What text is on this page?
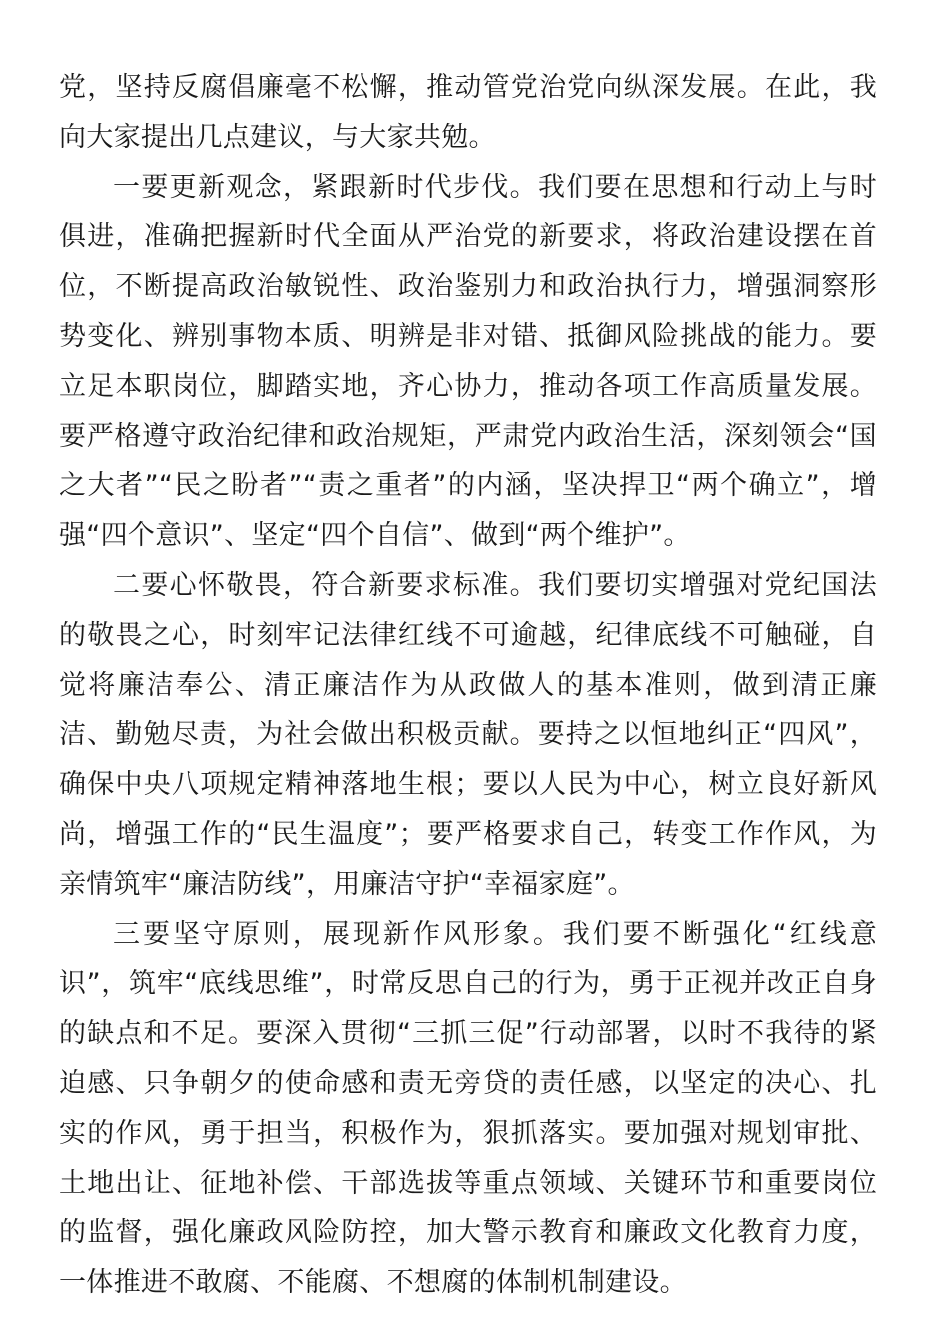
党，坚持反腐倡廉毫不松懈，推动管党治党向纵深发展。在此，我向大家提出几点建议，与大家共勉。

一要更新观念，紧跟新时代步伐。我们要在思想和行动上与时俱进，准确把握新时代全面从严治党的新要求，将政治建设摆在首位，不断提高政治敏锐性、政治鉴别力和政治执行力，增强洞察形势变化、辨别事物本质、明辨是非对错、抵御风险挑战的能力。要立足本职岗位，脚踏实地，齐心协力，推动各项工作高质量发展。要严格遵守政治纪律和政治规矩，严肃党内政治生活，深刻领会“国之大者”“民之盼者”“责之重者”的内涵，坚决捍卫“两个确立”，增强“四个意识”、坚定“四个自信”、做到“两个维护”。

二要心怀敬畏，符合新要求标准。我们要切实增强对党纪国法的敬畏之心，时刻牢记法律红线不可逾越，纪律底线不可触碰，自觉将廉洁奉公、清正廉洁作为从政做人的基本准则，做到清正廉洁、勤勉尽责，为社会做出积极贡献。要持之以恒地纠正“四风”，确保中央八项规定精神落地生根；要以人民为中心，树立良好新风尚，增强工作的“民生温度”；要严格要求自己，转变工作作风，为亲情筑牢“廉洁防线”，用廉洁守护“幸福家庭”。

三要坚守原则，展现新作风形象。我们要不断强化“红线意识”，筑牢“底线思维”，时常反思自己的行为，勇于正视并改正自身的缺点和不足。要深入贯彻“三抓三促”行动部署，以时不我待的紧迫感、只争朝夕的使命感和责无旁贷的责任感，以坚定的决心、扎实的作风，勇于担当，积极作为，狠抓落实。要加强对规划审批、土地出让、征地补偿、干部选拔等重点领域、关键环节和重要岗位的监督，强化廉政风险防控，加大警示教育和廉政文化教育力度，一体推进不敢腐、不能腐、不想腐的体制机制建设。
